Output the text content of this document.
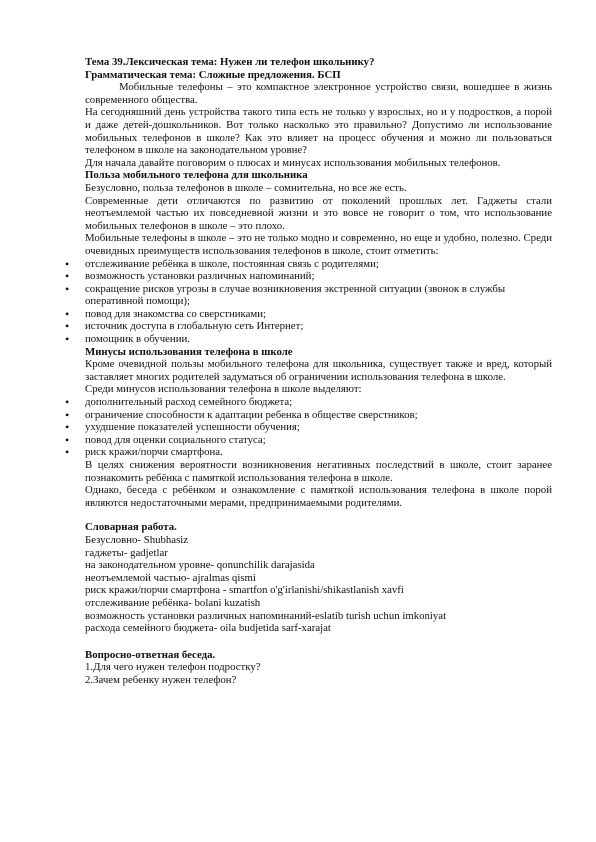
Тема 39.Лексическая тема: Нужен ли телефон школьнику?

Грамматическая тема: Сложные предложения. БСП

Мобильные телефоны – это компактное электронное устройство связи, вошедшее в жизнь современного общества.

На сегодняшний день устройства такого типа есть не только у взрослых, но и у подростков, а порой и даже детей-дошкольников. Вот только насколько это правильно? Допустимо ли использование мобильных телефонов в школе? Как это влияет на процесс обучения и можно ли пользоваться телефоном в школе на законодательном уровне?

Для начала давайте поговорим о плюсах и минусах использования мобильных телефонов.

Польза мобильного телефона для школьника

Безусловно, польза телефонов в школе – сомнительна, но все же есть.

Современные дети отличаются по развитию от поколений прошлых лет. Гаджеты стали неотъемлемой частью их повседневной жизни и это вовсе не говорит о том, что использование мобильных телефонов в школе – это плохо.

Мобильные телефоны в школе – это не только модно и современно, но еще и удобно, полезно. Среди очевидных преимуществ использования телефонов в школе, стоит отметить:

• отслеживание ребёнка в школе, постоянная связь с родителями;
• возможность установки различных напоминаний;
• сокращение рисков угрозы в случае возникновения экстренной ситуации (звонок в службы оперативной помощи);
• повод для знакомства со сверстниками;
• источник доступа в глобальную сеть Интернет;
• помощник в обучении.

Минусы использования телефона в школе

Кроме очевидной пользы мобильного телефона для школьника, существует также и вред, который заставляет многих родителей задуматься об ограничении использования телефона в школе.

Среди минусов использования телефона в школе выделяют:

• дополнительный расход семейного бюджета;
• ограничение способности к адаптации ребенка в обществе сверстников;
• ухудшение показателей успешности обучения;
• повод для оценки социального статуса;
• риск кражи/порчи смартфона.

В целях снижения вероятности возникновения негативных последствий в школе, стоит заранее познакомить ребёнка с памяткой использования телефона в школе.

Однако, беседа с ребёнком и ознакомление с памяткой использования телефона в школе порой являются недостаточными мерами, предпринимаемыми родителями.

Словарная работа.

Безусловно- Shubhasiz

гаджеты- gadjetlar

на законодательном уровне- qonunchilik darajasida

неотъемлемой частью- ajralmas qismi

риск кражи/порчи смартфона - smartfon o'g'irlanishi/shikastlanish xavfi

отслеживание ребёнка- bolani kuzatish

возможность установки различных напоминаний-eslatib turish uchun imkoniyat

расхода семейного бюджета- oila budjetida sarf-xarajat

Вопросно-ответная беседа.

1.Для чего нужен телефон подростку?

2.Зачем ребенку нужен телефон?
